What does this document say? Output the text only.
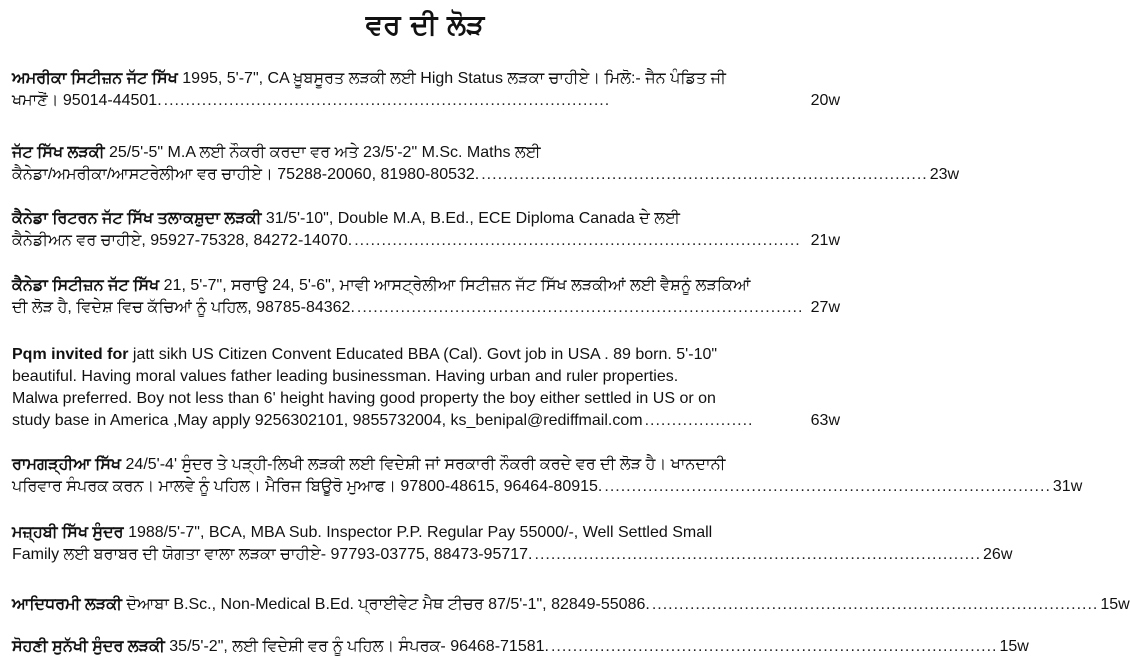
ਵਰ ਦੀ ਲੋੜ

ਅਮਰੀਕਾ ਸਿਟੀਜ਼ਨ ਜੱਟ ਸਿੱਖ 1995, 5'-7", CA ਖ਼ੂਬਸੂਰਤ ਲੜਕੀ ਲਈ High Status ਲੜਕਾ ਚਾਹੀਏ। ਮਿਲੋ:- ਜੈਨ ਪੰਡਿਤ ਜੀ

ਖਮਾਣੋਂ। 95014-44501. ..................................................................................	20w

ਜੱਟ ਸਿੱਖ ਲੜਕੀ 25/5'-5" M.A ਲਈ ਨੌਕਰੀ ਕਰਦਾ ਵਰ ਅਤੇ 23/5'-2" M.Sc. Maths ਲਈ

ਕੈਨੇਡਾ/ਅਮਰੀਕਾ/ਆਸਟਰੇਲੀਆ ਵਰ ਚਾਹੀਏ। 75288-20060, 81980-80532. .................................................................................. 23w

ਕੈਨੇਡਾ ਰਿਟਰਨ ਜੱਟ ਸਿੱਖ ਤਲਾਕਸ਼ੁਦਾ ਲੜਕੀ 31/5'-10", Double M.A, B.Ed., ECE Diploma Canada ਦੇ ਲਈ

ਕੈਨੇਡੀਅਨ ਵਰ ਚਾਹੀਏ, 95927-75328, 84272-14070. .................................................................................. 21w

ਕੈਨੇਡਾ ਸਿਟੀਜ਼ਨ ਜੱਟ ਸਿੱਖ 21, 5'-7", ਸਰਾਉ 24, 5'-6", ਮਾਵੀ ਆਸਟ੍ਰੇਲੀਆ ਸਿਟੀਜ਼ਨ ਜੱਟ ਸਿੱਖ ਲੜਕੀਆਂ ਲਈ ਵੈਸ਼ਨੂੰ ਲੜਕਿਆਂ

ਦੀ ਲੋੜ ਹੈ, ਵਿਦੇਸ਼ ਵਿਚ ਕੱਚਿਆਂ ਨੂੰ ਪਹਿਲ, 98785-84362. .................................................................................. 27w

Pqm invited for jatt sikh US Citizen Convent Educated BBA (Cal). Govt job in USA . 89 born. 5'-10"

beautiful. Having moral values father leading businessman. Having urban and ruler properties.

Malwa preferred. Boy not less than 6' height having good property the boy either settled in US or on

study base in America ,May apply 9256302101, 9855732004, ks_benipal@rediffmail.com ....................	63w

ਰਾਮਗੜ੍ਹੀਆ ਸਿੱਖ 24/5'-4' ਸੁੰਦਰ ਤੇ ਪੜ੍ਹੀ-ਲਿਖੀ ਲੜਕੀ ਲਈ ਵਿਦੇਸ਼ੀ ਜਾਂ ਸਰਕਾਰੀ ਨੌਕਰੀ ਕਰਦੇ ਵਰ ਦੀ ਲੋੜ ਹੈ। ਖਾਨਦਾਨੀ

ਪਰਿਵਾਰ ਸੰਪਰਕ ਕਰਨ। ਮਾਲਵੇ ਨੂੰ ਪਹਿਲ। ਮੈਰਿਜ ਬਿਊਰੋ ਮੁਆਫ। 97800-48615, 96464-80915. .................................................................................. 31w

ਮਜ਼੍ਹਬੀ ਸਿੱਖ ਸੁੰਦਰ 1988/5'-7", BCA, MBA Sub. Inspector P.P. Regular Pay 55000/-, Well Settled Small

Family ਲਈ ਬਰਾਬਰ ਦੀ ਯੋਗਤਾ ਵਾਲਾ ਲੜਕਾ ਚਾਹੀਏ- 97793-03775, 88473-95717. .................................................................................. 26w
ਆਦਿਧਰਮੀ ਲੜਕੀ ਦੋਆਬਾ B.Sc., Non-Medical B.Ed. ਪ੍ਰਾਈਵੇਟ ਮੈਥ ਟੀਚਰ 87/5'-1", 82849-55086. .................................................................................. 15w
ਸੋਹਣੀ ਸੁਨੱਖੀ ਸੁੰਦਰ ਲੜਕੀ 35/5'-2", ਲਈ ਵਿਦੇਸ਼ੀ ਵਰ ਨੂੰ ਪਹਿਲ। ਸੰਪਰਕ- 96468-71581. .................................................................................. 15w
